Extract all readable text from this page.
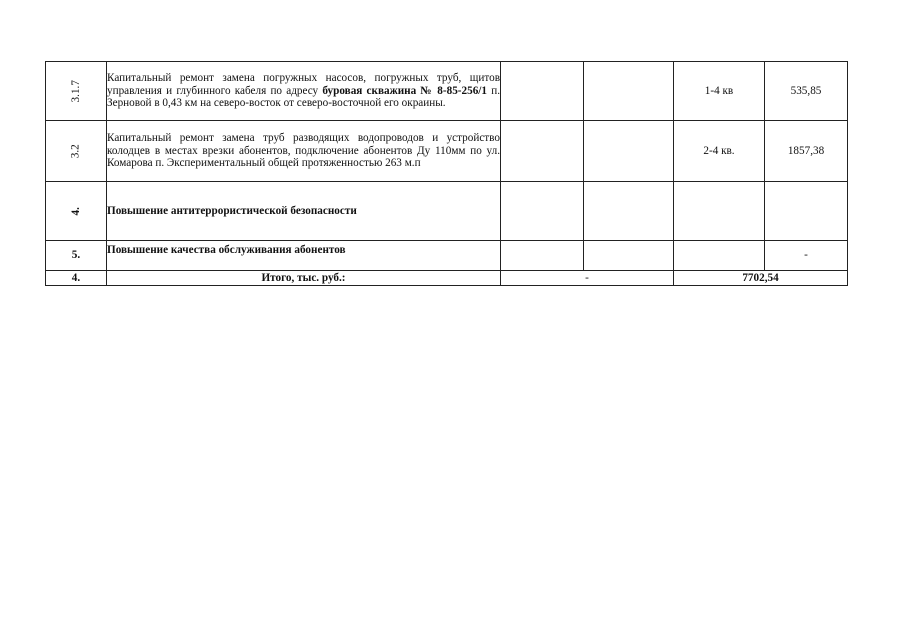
3.1.7	Капитальный ремонт замена погружных насосов, погружных труб, щитов управления и глубинного кабеля по адресу буровая скважина № 8-85-256/1 п. Зерновой в 0,43 км на северо-восток от северо-восточной его окраины.			1-4 кв	535,85
3.2	Капитальный ремонт замена труб разводящих водопроводов и устройство колодцев в местах врезки абонентов, подключение абонентов Ду 110мм по ул. Комарова п. Экспериментальный общей протяженностью 263 м.п			2-4 кв.	1857,38
4.	Повышение антитеррористической безопасности				
5.	Повышение качества обслуживания абонентов				-
4.	Итого, тыс. руб.:	-		7702,54	
